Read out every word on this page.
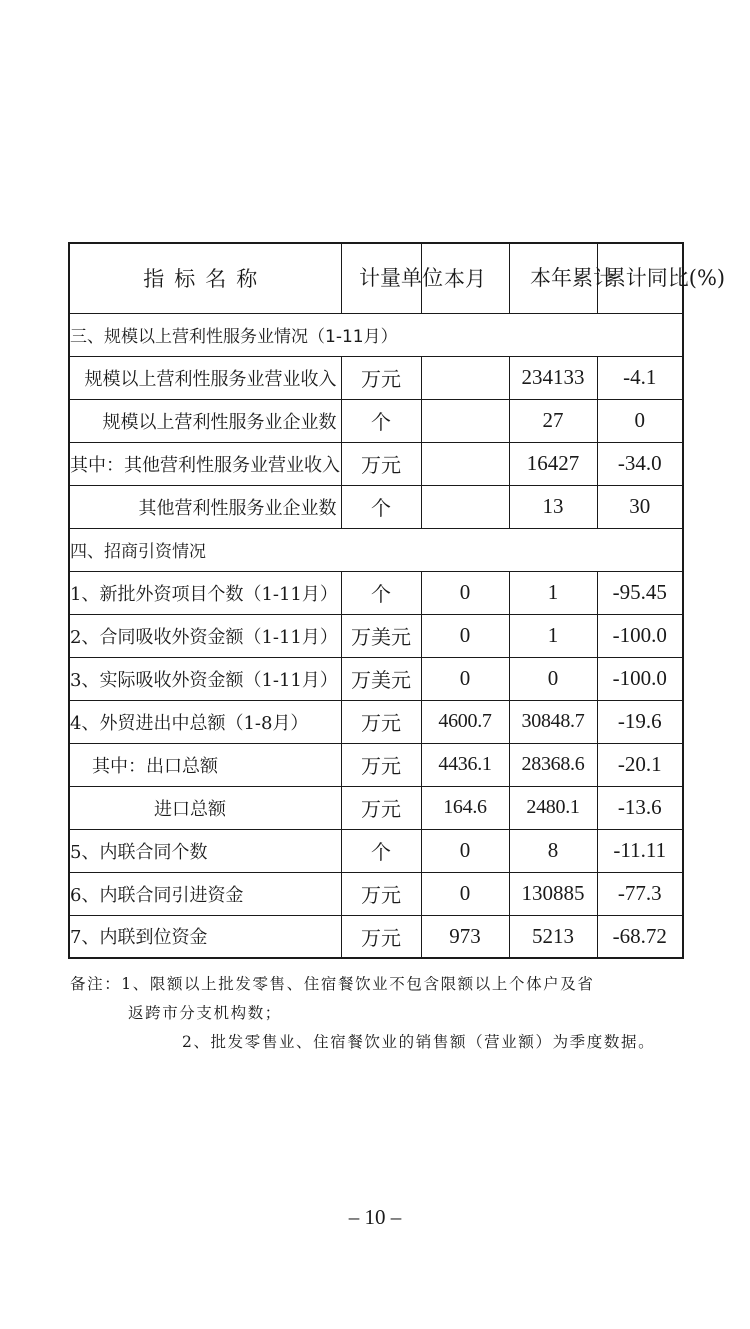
指标名称	计量单位	本月	本年累计	累计同比(%)
三、规模以上营利性服务业情况（1-11月）				
规模以上营利性服务业营业收入	万元		234133	-4.1
规模以上营利性服务业企业数	个		27	0
其中：其他营利性服务业营业收入	万元		16427	-34.0
其他营利性服务业企业数	个		13	30
四、招商引资情况				
1、新批外资项目个数（1-11月）	个	0	1	-95.45
2、合同吸收外资金额（1-11月）	万美元	0	1	-100.0
3、实际吸收外资金额（1-11月）	万美元	0	0	-100.0
4、外贸进出中总额（1-8月）	万元	4600.7	30848.7	-19.6
其中：出口总额	万元	4436.1	28368.6	-20.1
进口总额	万元	164.6	2480.1	-13.6
5、内联合同个数	个	0	8	-11.11
6、内联合同引进资金	万元	0	130885	-77.3
7、内联到位资金	万元	973	5213	-68.72
备注：1、限额以上批发零售、住宿餐饮业不包含限额以上个体户及省
返跨市分支机构数；
2、批发零售业、住宿餐饮业的销售额（营业额）为季度数据。
– 10 –
